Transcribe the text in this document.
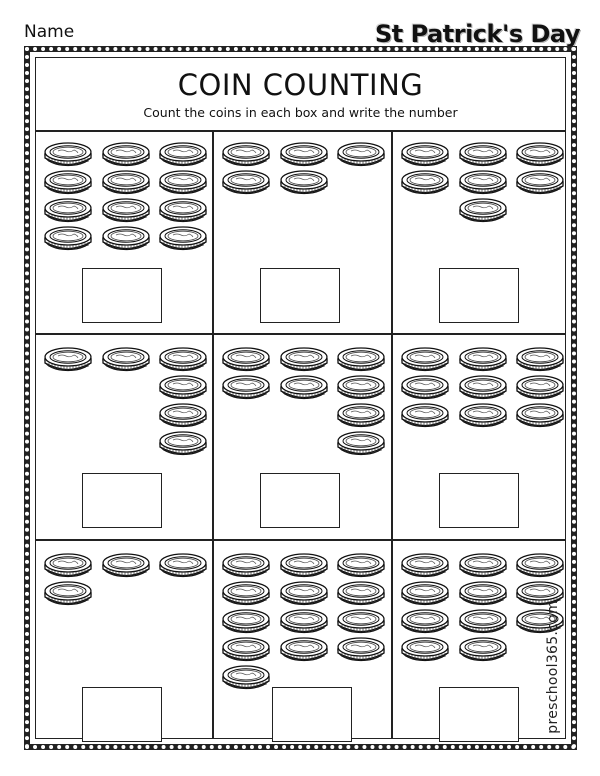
Name	St Patrick's Day
COIN COUNTING
Count the coins in each box and write the number
preschool365.com
